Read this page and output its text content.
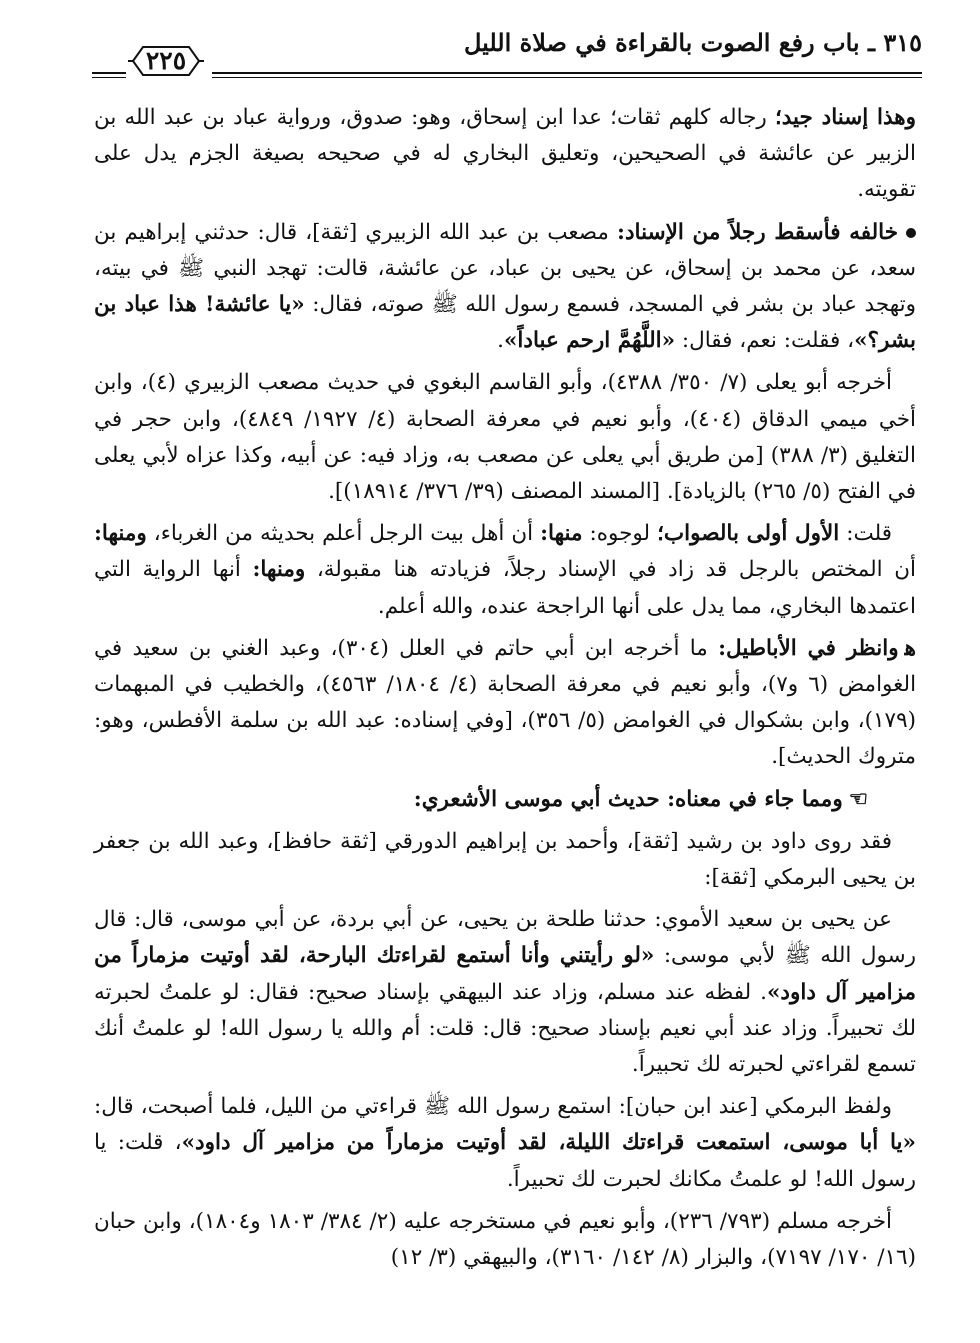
٣١٥ ـ باب رفع الصوت بالقراءة في صلاة الليل
٢٢٥

وهذا إسناد جيد؛ رجاله كلهم ثقات؛ عدا ابن إسحاق، وهو: صدوق، ورواية عباد بن عبد الله بن الزبير عن عائشة في الصحيحين، وتعليق البخاري له في صحيحه بصيغة الجزم يدل على تقويته.

خالفه فأسقط رجلاً من الإسناد: مصعب بن عبد الله الزبيري [ثقة]، قال: حدثني إبراهيم بن سعد، عن محمد بن إسحاق، عن يحيى بن عباد، عن عائشة، قالت: تهجد النبي ﷺ في بيته، وتهجد عباد بن بشر في المسجد، فسمع رسول الله ﷺ صوته، فقال: «يا عائشة! هذا عباد بن بشر؟»، فقلت: نعم، فقال: «اللَّهُمَّ ارحم عباداً».

أخرجه أبو يعلى (٧/ ٣٥٠/ ٤٣٨٨)، وأبو القاسم البغوي في حديث مصعب الزبيري (٤)، وابن أخي ميمي الدقاق (٤٠٤)، وأبو نعيم في معرفة الصحابة (٤/ ١٩٢٧/ ٤٨٤٩)، وابن حجر في التغليق (٣/ ٣٨٨) [من طريق أبي يعلى عن مصعب به، وزاد فيه: عن أبيه، وكذا عزاه لأبي يعلى في الفتح (٥/ ٢٦٥) بالزيادة]. [المسند المصنف (٣٩/ ٣٧٦/ ١٨٩١٤)].

قلت: الأول أولى بالصواب؛ لوجوه: منها: أن أهل بيت الرجل أعلم بحديثه من الغرباء، ومنها: أن المختص بالرجل قد زاد في الإسناد رجلاً، فزيادته هنا مقبولة، ومنها: أنها الرواية التي اعتمدها البخاري، مما يدل على أنها الراجحة عنده، والله أعلم.

ﻫوانظر في الأباطيل: ما أخرجه ابن أبي حاتم في العلل (٣٠٤)، وعبد الغني بن سعيد في الغوامض (٦ و٧)، وأبو نعيم في معرفة الصحابة (٤/ ١٨٠٤/ ٤٥٦٣)، والخطيب في المبهمات (١٧٩)، وابن بشكوال في الغوامض (٥/ ٣٥٦)، [وفي إسناده: عبد الله بن سلمة الأفطس، وهو: متروك الحديث].

☜ومما جاء في معناه: حديث أبي موسى الأشعري:

فقد روى داود بن رشيد [ثقة]، وأحمد بن إبراهيم الدورقي [ثقة حافظ]، وعبد الله بن جعفر بن يحيى البرمكي [ثقة]:

عن يحيى بن سعيد الأموي: حدثنا طلحة بن يحيى، عن أبي بردة، عن أبي موسى، قال: قال رسول الله ﷺ لأبي موسى: «لو رأيتني وأنا أستمع لقراءتك البارحة، لقد أوتيت مزماراً من مزامير آل داود». لفظه عند مسلم، وزاد عند البيهقي بإسناد صحيح: فقال: لو علمتُ لحبرته لك تحبيراً. وزاد عند أبي نعيم بإسناد صحيح: قال: قلت: أم والله يا رسول الله! لو علمتُ أنك تسمع لقراءتي لحبرته لك تحبيراً.

ولفظ البرمكي [عند ابن حبان]: استمع رسول الله ﷺ قراءتي من الليل، فلما أصبحت، قال: «يا أبا موسى، استمعت قراءتك الليلة، لقد أوتيت مزماراً من مزامير آل داود»، قلت: يا رسول الله! لو علمتُ مكانك لحبرت لك تحبيراً.

أخرجه مسلم (٧٩٣/ ٢٣٦)، وأبو نعيم في مستخرجه عليه (٢/ ٣٨٤/ ١٨٠٣ و١٨٠٤)، وابن حبان (١٦/ ١٧٠/ ٧١٩٧)، والبزار (٨/ ١٤٢/ ٣١٦٠)، والبيهقي (٣/ ١٢)
